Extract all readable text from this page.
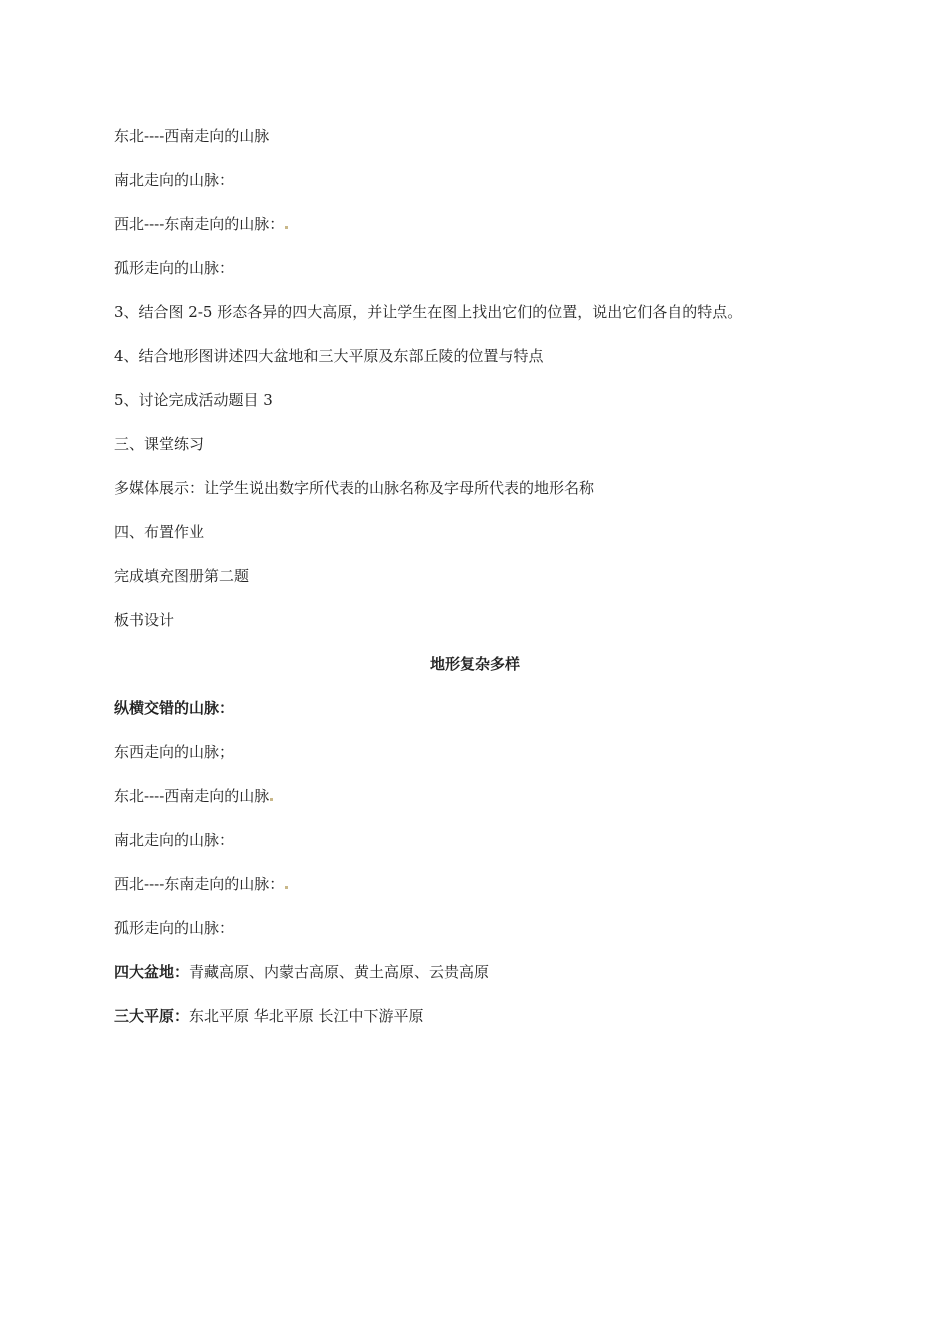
东北----西南走向的山脉
南北走向的山脉：
西北----东南走向的山脉：
孤形走向的山脉：
3、结合图 2-5 形态各异的四大高原，并让学生在图上找出它们的位置，说出它们各自的特点。
4、结合地形图讲述四大盆地和三大平原及东部丘陵的位置与特点
5、讨论完成活动题目 3
三、课堂练习
多媒体展示：让学生说出数字所代表的山脉名称及字母所代表的地形名称
四、布置作业
完成填充图册第二题
板书设计
地形复杂多样
纵横交错的山脉：
东西走向的山脉；
东北----西南走向的山脉
南北走向的山脉：
西北----东南走向的山脉：
孤形走向的山脉：
四大盆地：青藏高原、内蒙古高原、黄土高原、云贵高原
三大平原：东北平原 华北平原 长江中下游平原
